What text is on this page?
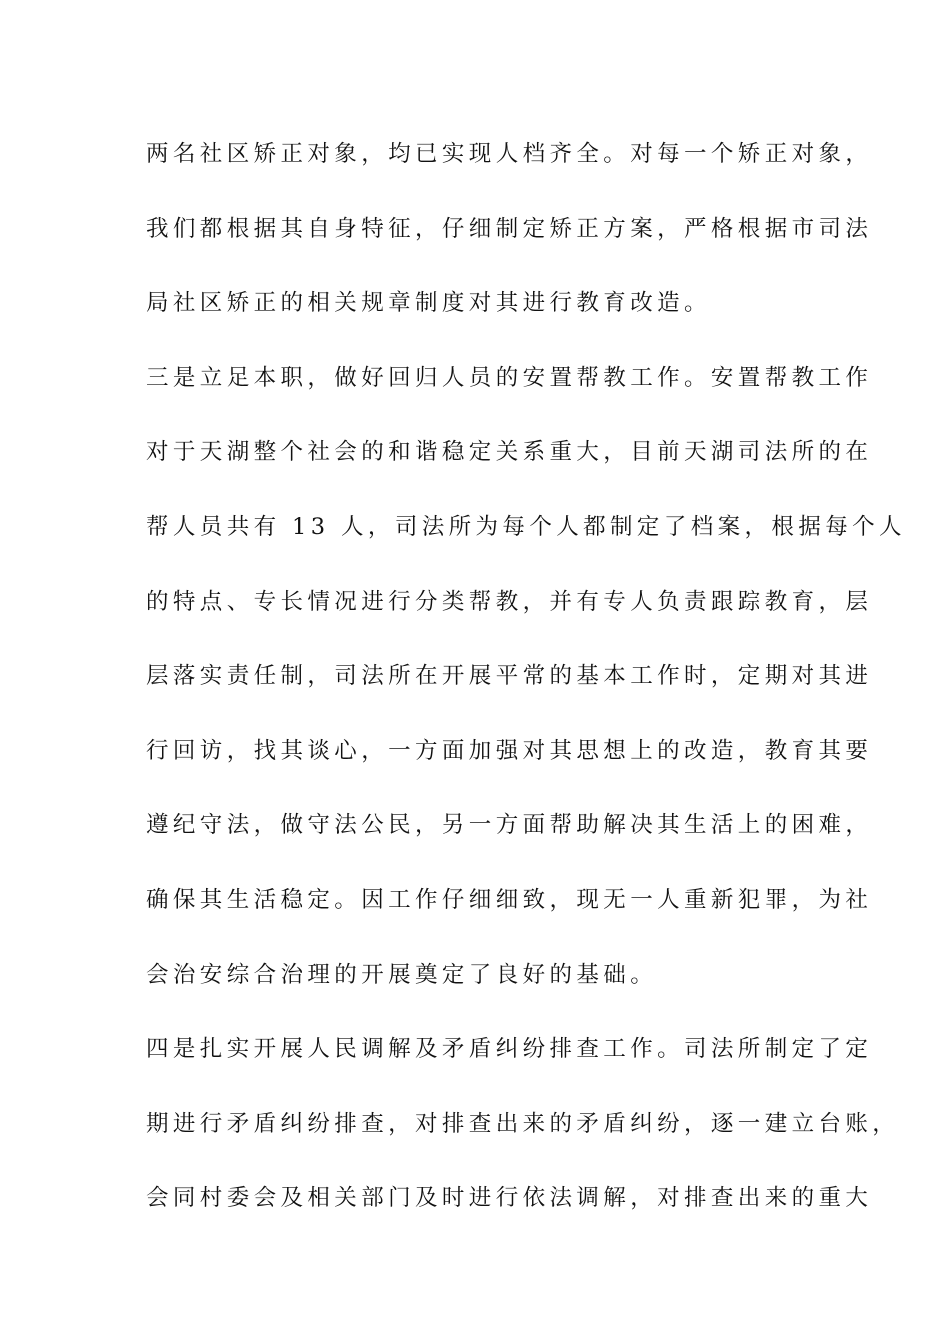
两名社区矫正对象，均已实现人档齐全。对每一个矫正对象，
我们都根据其自身特征，仔细制定矫正方案，严格根据市司法
局社区矫正的相关规章制度对其进行教育改造。
三是立足本职，做好回归人员的安置帮教工作。安置帮教工作
对于天湖整个社会的和谐稳定关系重大，目前天湖司法所的在
帮人员共有 13 人，司法所为每个人都制定了档案，根据每个人
的特点、专长情况进行分类帮教，并有专人负责跟踪教育，层
层落实责任制，司法所在开展平常的基本工作时，定期对其进
行回访，找其谈心，一方面加强对其思想上的改造，教育其要
遵纪守法，做守法公民，另一方面帮助解决其生活上的困难，
确保其生活稳定。因工作仔细细致，现无一人重新犯罪，为社
会治安综合治理的开展奠定了良好的基础。
四是扎实开展人民调解及矛盾纠纷排查工作。司法所制定了定
期进行矛盾纠纷排查，对排查出来的矛盾纠纷，逐一建立台账，
会同村委会及相关部门及时进行依法调解，对排查出来的重大
